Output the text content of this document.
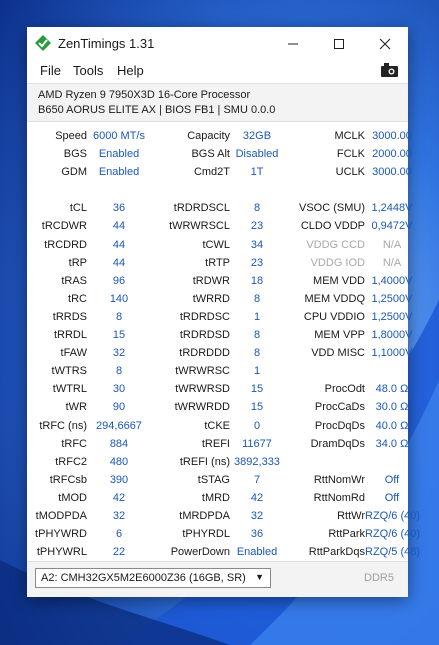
ZenTimings 1.31
File Tools Help
AMD Ryzen 9 7950X3D 16-Core Processor
B650 AORUS ELITE AX | BIOS FB1 | SMU 0.0.0
Speed 6000 MT/s	Capacity	32GB	MCLK 3000.00
BGS	Enabled	BGS Alt Disabled	FCLK 2000.00
GDM	Enabled	Cmd2T	1T	UCLK 3000.00
tCL	36	tRDRDSCL	8	VSOC (SMU) 1,2448V
tRCDWR	44	tWRWRSCL	23	CLDO VDDP 0,9472V
tRCDRD	44	tCWL	34	VDDG CCD	N/A
tRP	44	tRTP	23	VDDG IOD	N/A
tRAS	96	tRDWR	18	MEM VDD 1,4000V
tRC	140	tWRRD	8	MEM VDDQ 1,2500V
tRRDS	8	tRDRDSC	1	CPU VDDIO 1,2500V
tRRDL	15	tRDRDSD	8	MEM VPP 1,8000V
tFAW	32	tRDRDDD	8	VDD MISC 1,1000V
tWTRS	8	tWRWRSC	1
tWTRL	30	tWRWRSD	15	ProcOdt 48.0 Ω
tWR	90	tWRWRDD	15	ProcCaDs 30.0 Ω
tRFC (ns) 294,6667	tCKE	0	ProcDqDs 40.0 Ω
tRFC	884	tREFI	11677	DramDqDs 34.0 Ω
tRFC2	480	tREFI (ns) 3892,333
tRFCsb	390	tSTAG	7	RttNomWr	Off
tMOD	42	tMRD	42	RttNomRd	Off
tMODPDA	32	tMRDPDA	32	RttWr RZQ/6 (40)
tPHYWRD	6	tPHYRDL	36	RttPark RZQ/6 (40)
tPHYWRL	22	PowerDown Enabled	RttParkDqs RZQ/5 (48)
A2: CMH32GX5M2E6000Z36 (16GB, SR) ▼	DDR5
